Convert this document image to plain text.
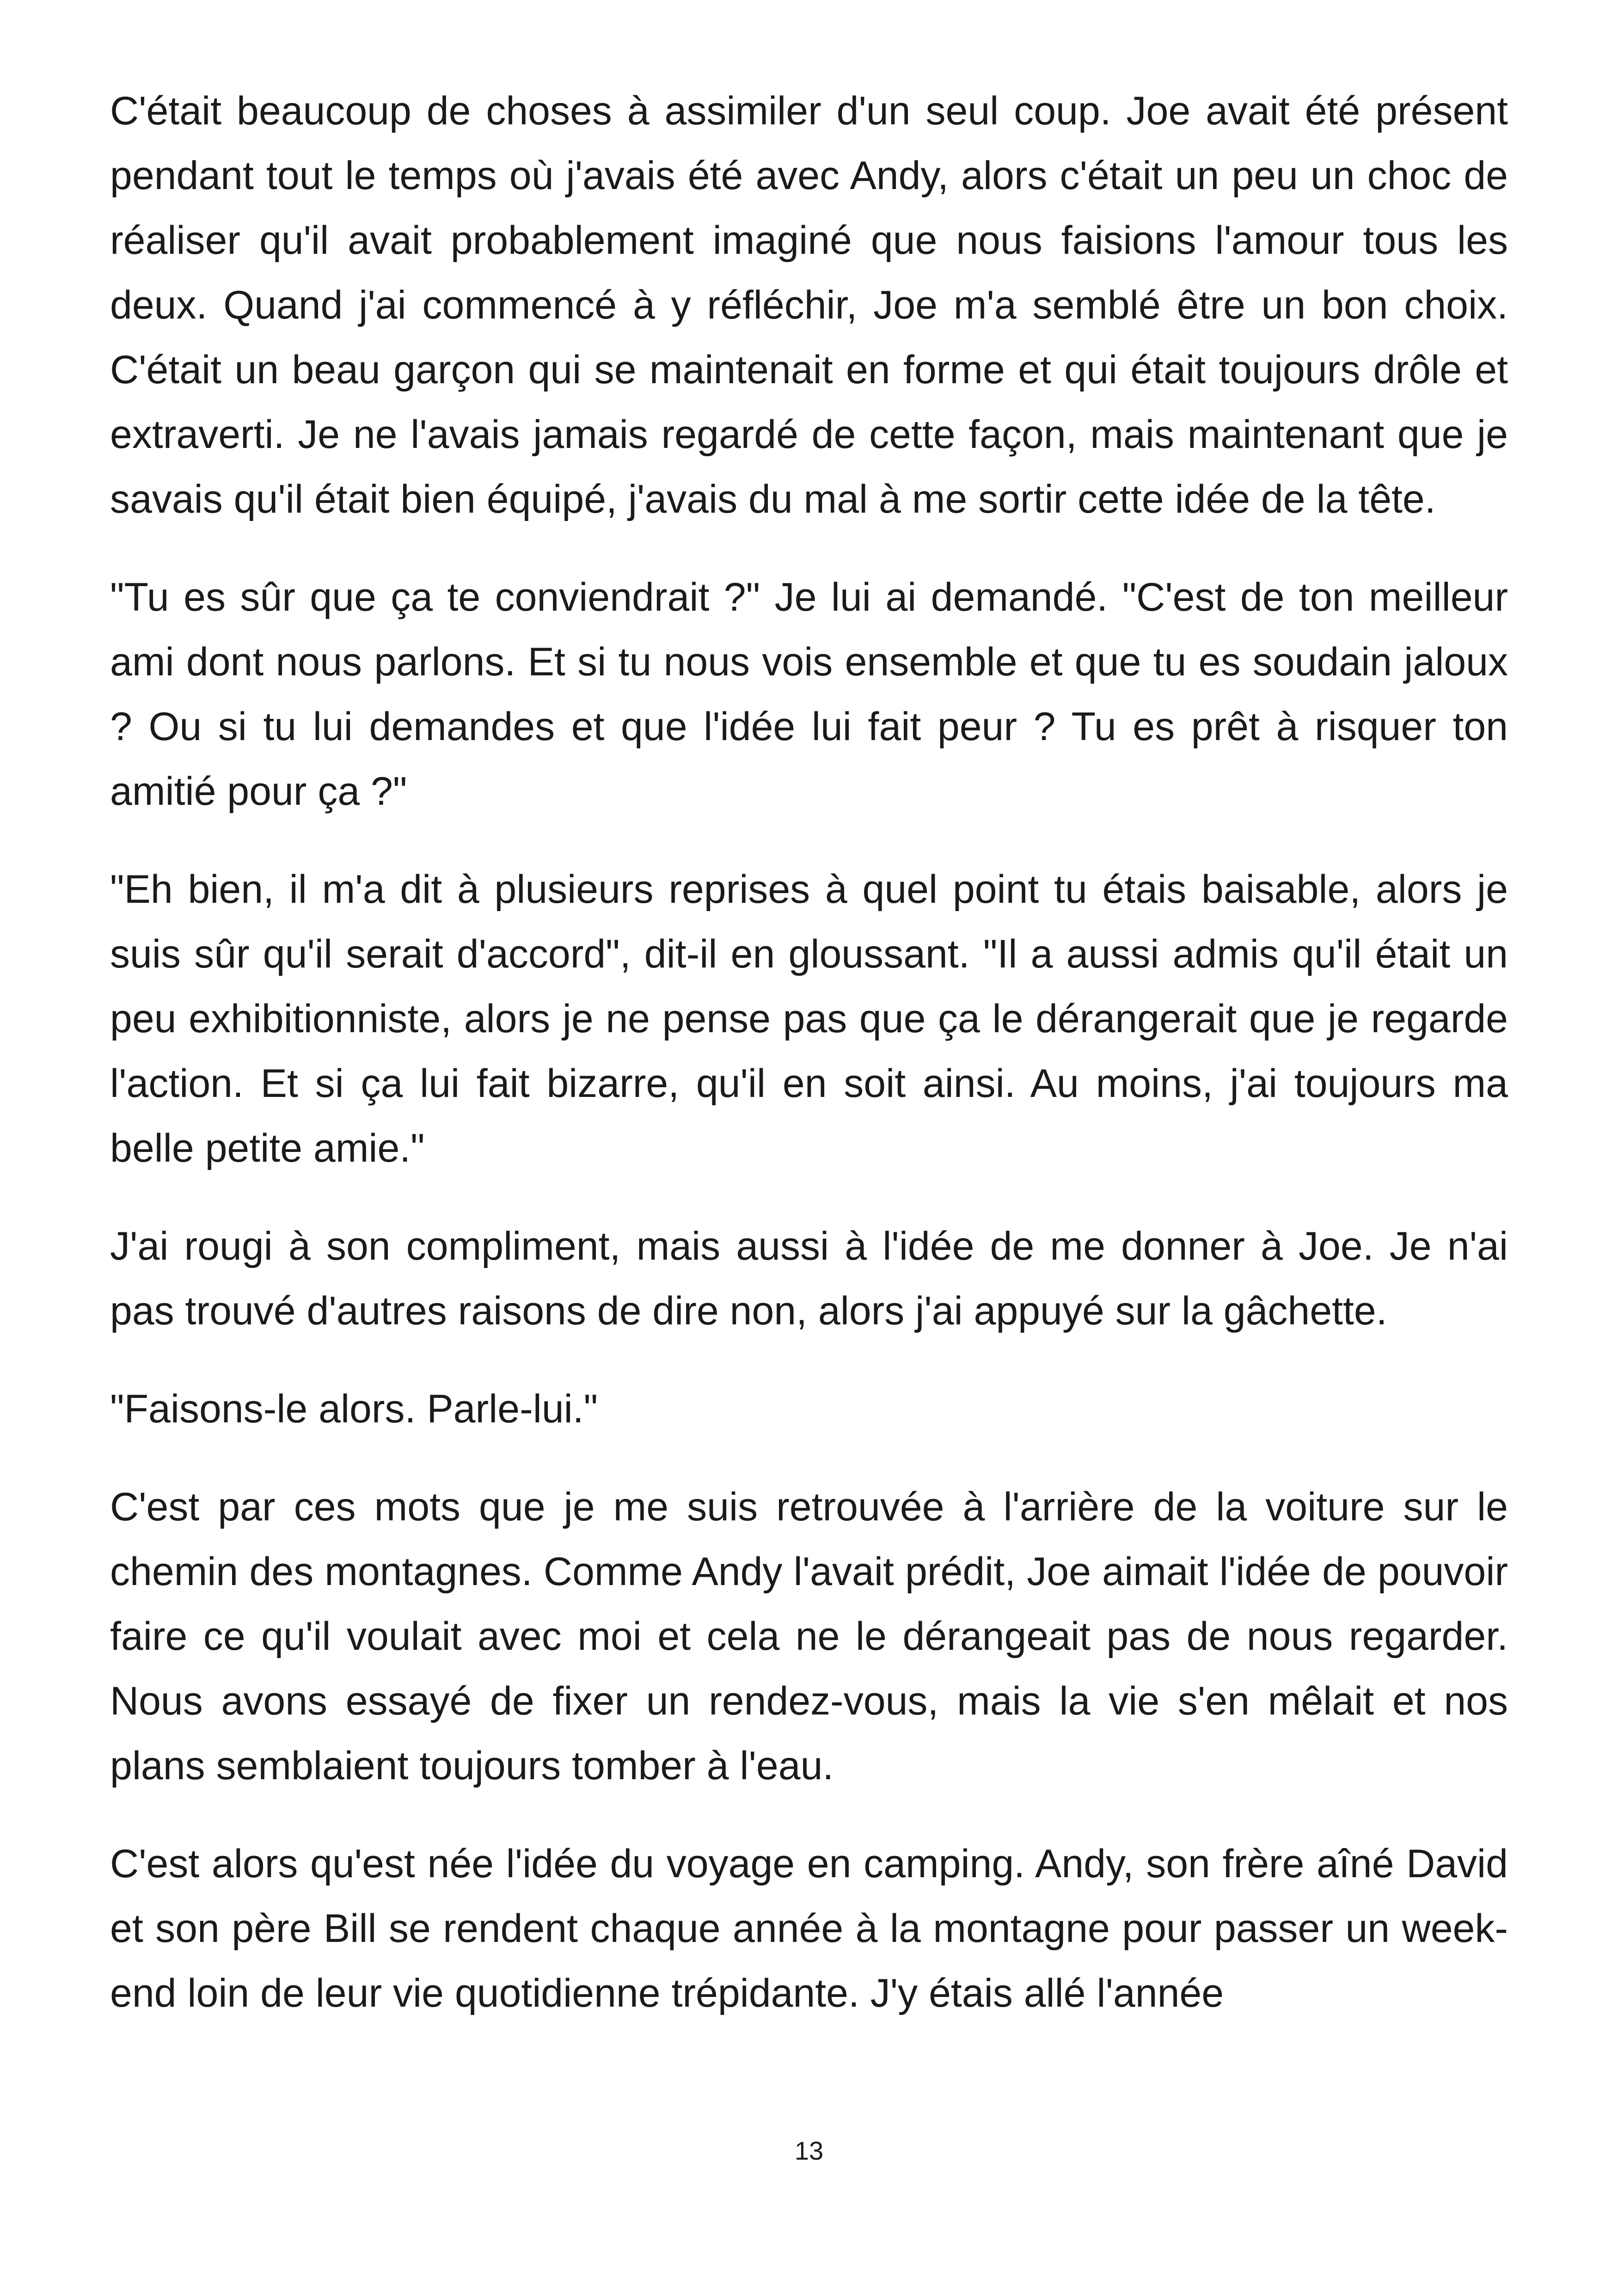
C'était beaucoup de choses à assimiler d'un seul coup. Joe avait été présent pendant tout le temps où j'avais été avec Andy, alors c'était un peu un choc de réaliser qu'il avait probablement imaginé que nous faisions l'amour tous les deux. Quand j'ai commencé à y réfléchir, Joe m'a semblé être un bon choix. C'était un beau garçon qui se maintenait en forme et qui était toujours drôle et extraverti. Je ne l'avais jamais regardé de cette façon, mais maintenant que je savais qu'il était bien équipé, j'avais du mal à me sortir cette idée de la tête.

"Tu es sûr que ça te conviendrait ?" Je lui ai demandé. "C'est de ton meilleur ami dont nous parlons. Et si tu nous vois ensemble et que tu es soudain jaloux ? Ou si tu lui demandes et que l'idée lui fait peur ? Tu es prêt à risquer ton amitié pour ça ?"

"Eh bien, il m'a dit à plusieurs reprises à quel point tu étais baisable, alors je suis sûr qu'il serait d'accord", dit-il en gloussant. "Il a aussi admis qu'il était un peu exhibitionniste, alors je ne pense pas que ça le dérangerait que je regarde l'action. Et si ça lui fait bizarre, qu'il en soit ainsi. Au moins, j'ai toujours ma belle petite amie."

J'ai rougi à son compliment, mais aussi à l'idée de me donner à Joe. Je n'ai pas trouvé d'autres raisons de dire non, alors j'ai appuyé sur la gâchette.

"Faisons-le alors. Parle-lui."

C'est par ces mots que je me suis retrouvée à l'arrière de la voiture sur le chemin des montagnes. Comme Andy l'avait prédit, Joe aimait l'idée de pouvoir faire ce qu'il voulait avec moi et cela ne le dérangeait pas de nous regarder. Nous avons essayé de fixer un rendez-vous, mais la vie s'en mêlait et nos plans semblaient toujours tomber à l'eau.

C'est alors qu'est née l'idée du voyage en camping. Andy, son frère aîné David et son père Bill se rendent chaque année à la montagne pour passer un week-end loin de leur vie quotidienne trépidante. J'y étais allé l'année

13
